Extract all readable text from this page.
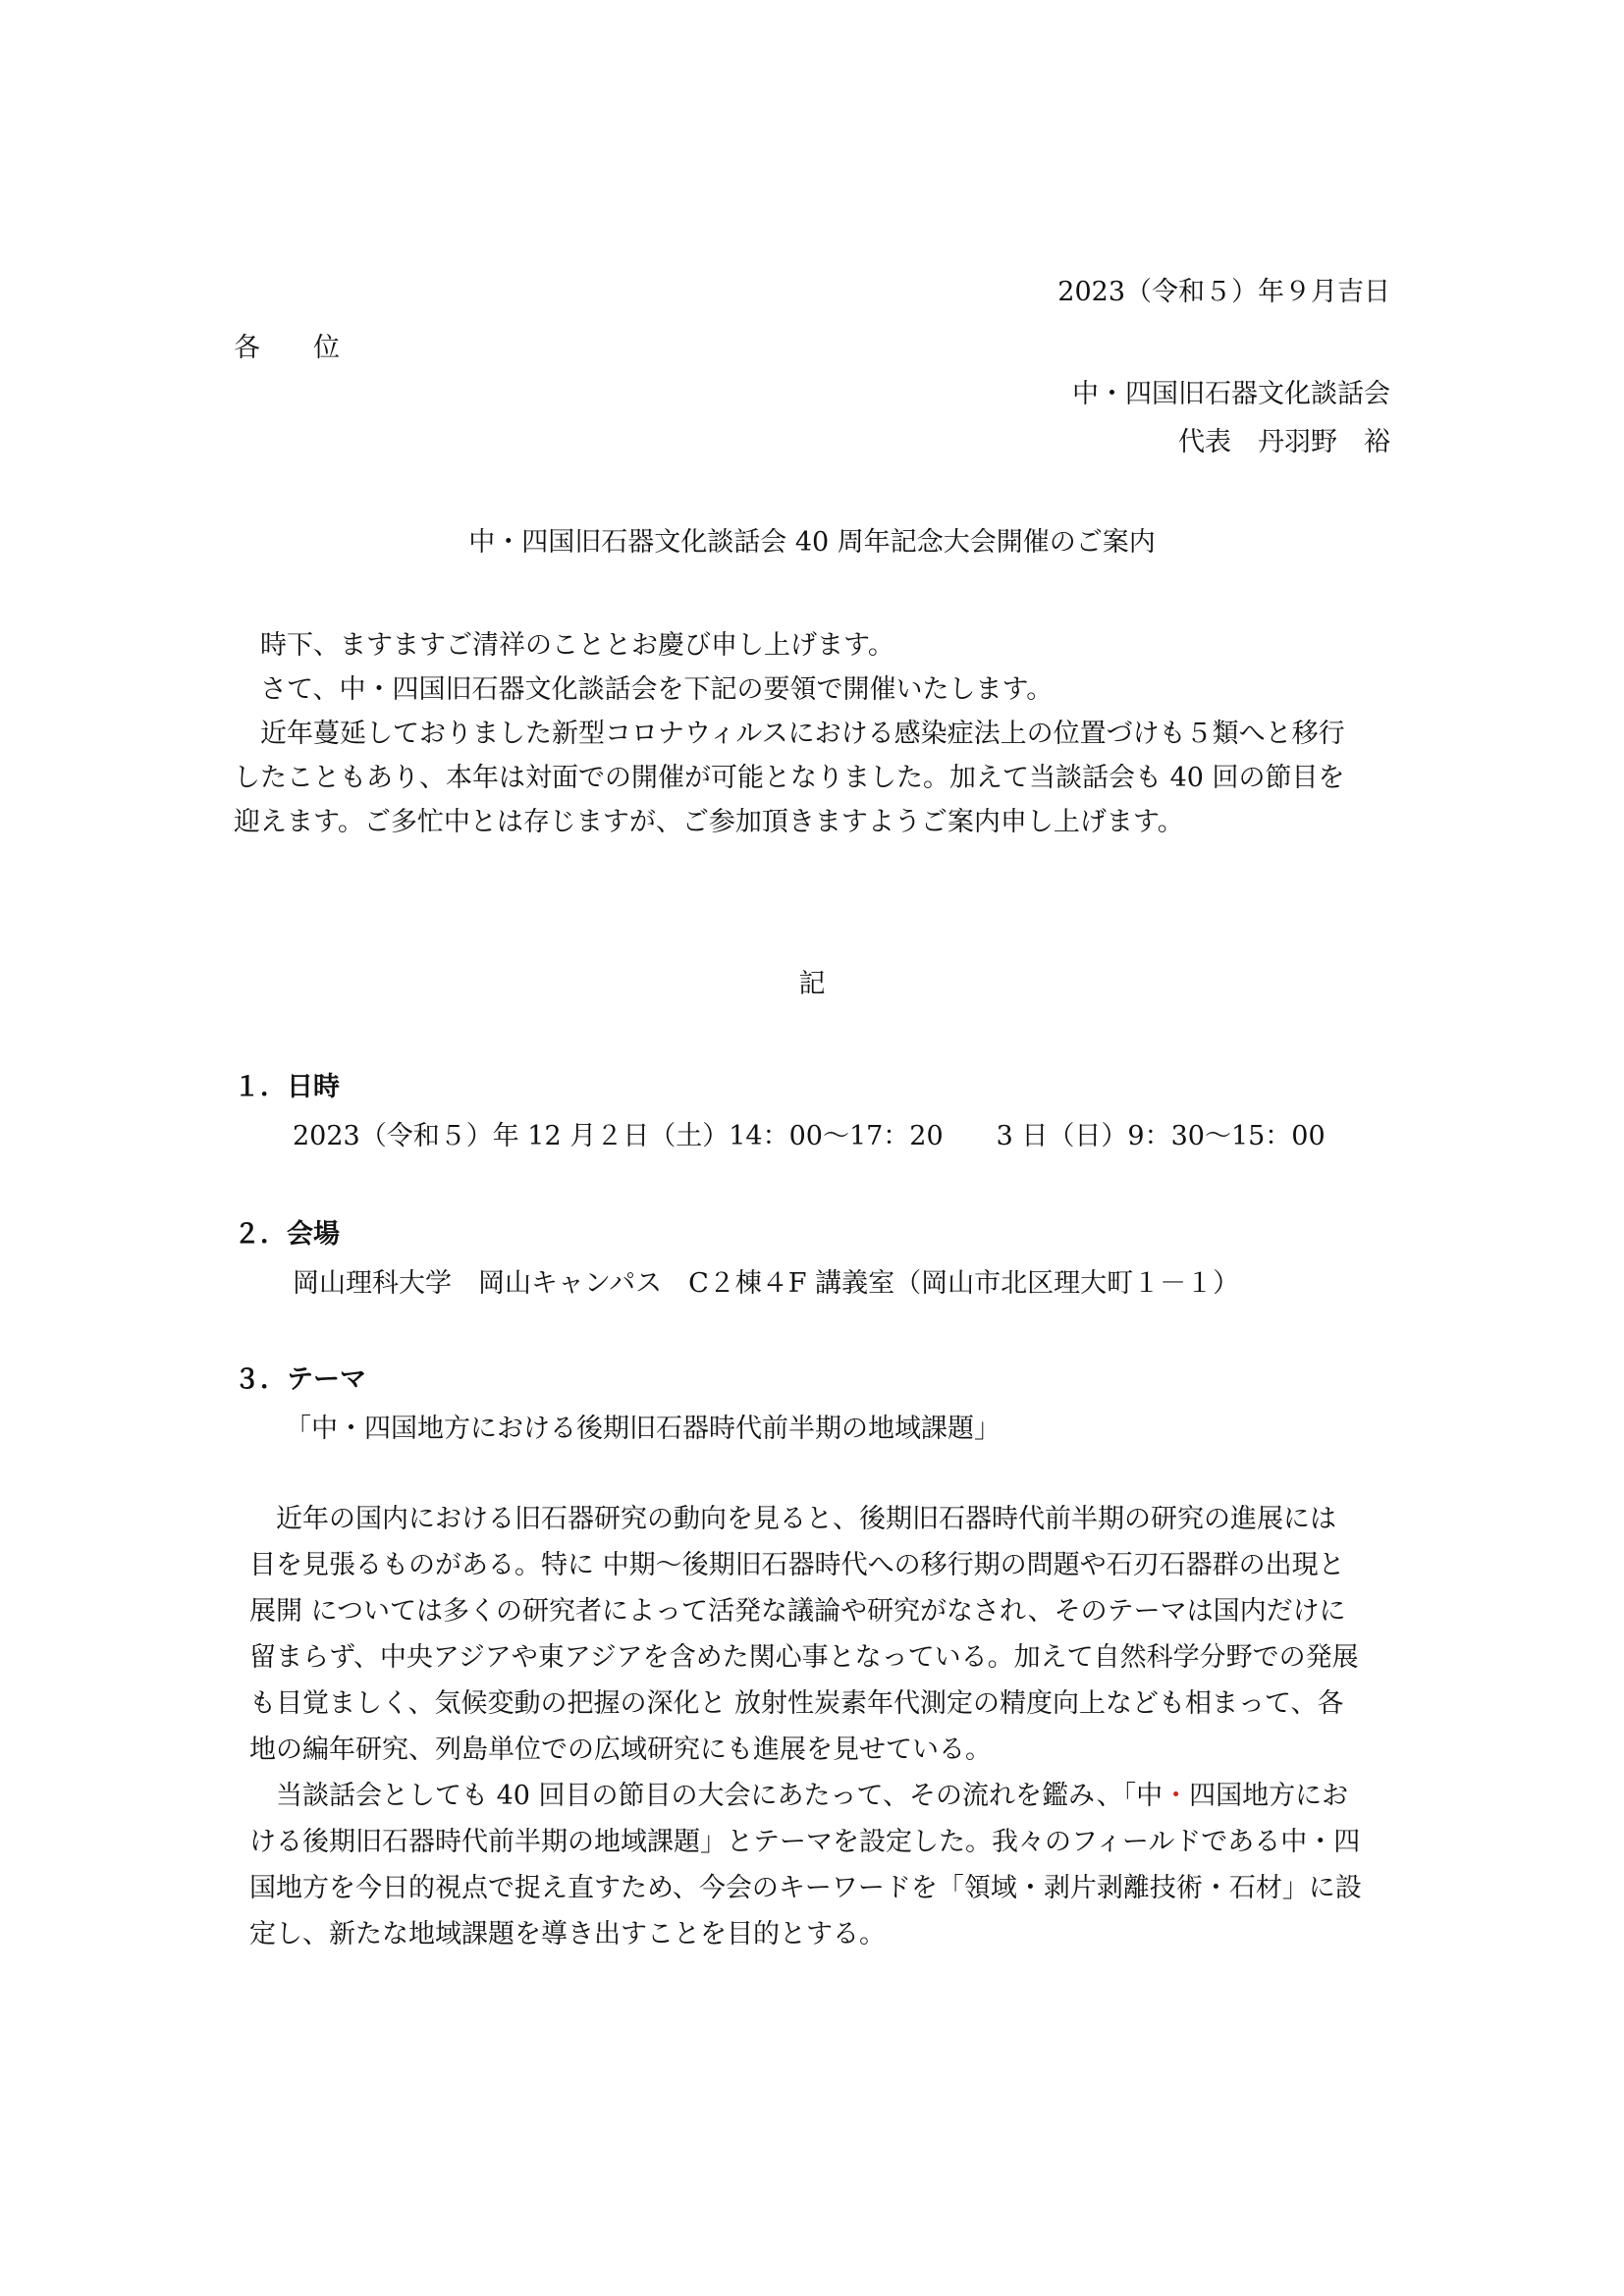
2023（令和５）年９月吉日
各　　位
中・四国旧石器文化談話会
代表　丹羽野　裕
中・四国旧石器文化談話会 40 周年記念大会開催のご案内

　時下、ますますご清祥のこととお慶び申し上げます。

　さて、中・四国旧石器文化談話会を下記の要領で開催いたします。

　近年蔓延しておりました新型コロナウィルスにおける感染症法上の位置づけも５類へと移行

したこともあり、本年は対面での開催が可能となりました。加えて当談話会も 40 回の節目を

迎えます。ご多忙中とは存じますが、ご参加頂きますようご案内申し上げます。

記
１．日時
2023（令和５）年 12 月２日（土）14：00〜17：20　　3 日（日）9：30〜15：00
２．会場
岡山理科大学　岡山キャンパス　C２棟４F 講義室（岡山市北区理大町１－１）
３．テーマ
「中・四国地方における後期旧石器時代前半期の地域課題」

　近年の国内における旧石器研究の動向を見ると、後期旧石器時代前半期の研究の進展には

目を見張るものがある。特に 中期〜後期旧石器時代への移行期の問題や石刃石器群の出現と

展開 については多くの研究者によって活発な議論や研究がなされ、そのテーマは国内だけに

留まらず、中央アジアや東アジアを含めた関心事となっている。加えて自然科学分野での発展

も目覚ましく、気候変動の把握の深化と 放射性炭素年代測定の精度向上なども相まって、各

地の編年研究、列島単位での広域研究にも進展を見せている。

　当談話会としても 40 回目の節目の大会にあたって、その流れを鑑み、「中・四国地方にお

ける後期旧石器時代前半期の地域課題」とテーマを設定した。我々のフィールドである中・四

国地方を今日的視点で捉え直すため、今会のキーワードを「領域・剥片剥離技術・石材」に設

定し、新たな地域課題を導き出すことを目的とする。
